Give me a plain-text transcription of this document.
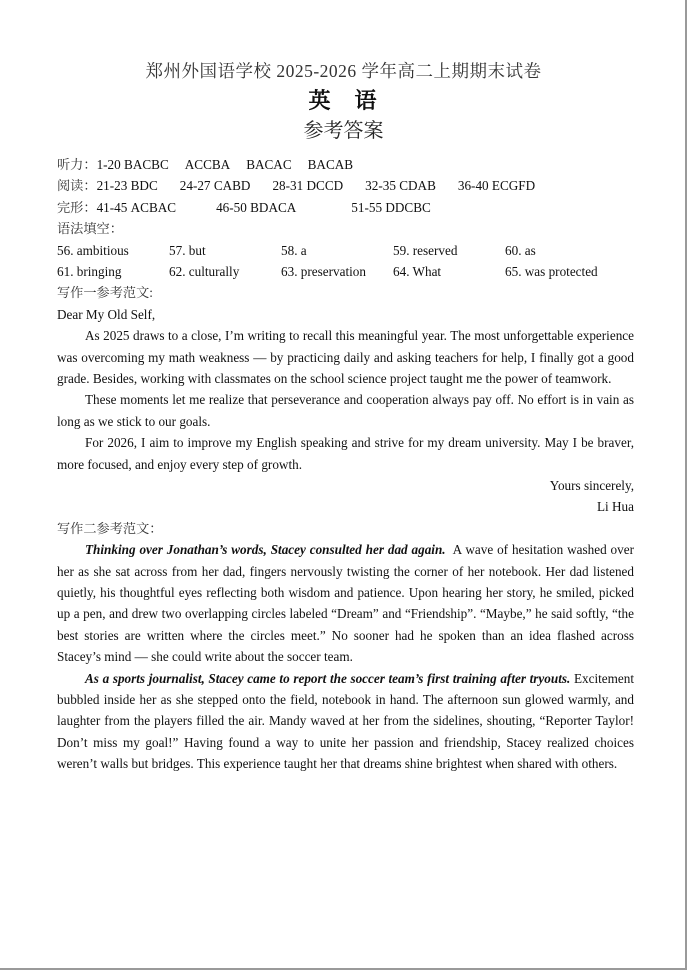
郑州外国语学校 2025-2026 学年高二上期期末试卷
英 语
参考答案
听力：1-20 BACBC ACCBA BACAC BACAB
阅读：21-23 BDC 24-27 CABD 28-31 DCCD 32-35 CDAB 36-40 ECGFD
完形：41-45 ACBAC	46-50 BDACA	51-55 DDCBC
语法填空：
56. ambitious	57. but	58. a	59. reserved	60. as
61. bringing	62. culturally	63. preservation	64. What	65. was protected
写作一参考范文:
Dear My Old Self,

As 2025 draws to a close, I’m writing to recall this meaningful year. The most unforgettable experience was overcoming my math weakness — by practicing daily and asking teachers for help, I finally got a good grade. Besides, working with classmates on the school science project taught me the power of teamwork.

These moments let me realize that perseverance and cooperation always pay off. No effort is in vain as long as we stick to our goals.

For 2026, I aim to improve my English speaking and strive for my dream university. May I be braver, more focused, and enjoy every step of growth.

Yours sincerely,
Li Hua
写作二参考范文：

Thinking over Jonathan’s words, Stacey consulted her dad again. A wave of hesitation washed over her as she sat across from her dad, fingers nervously twisting the corner of her notebook. Her dad listened quietly, his thoughtful eyes reflecting both wisdom and patience. Upon hearing her story, he smiled, picked up a pen, and drew two overlapping circles labeled “Dream” and “Friendship”. “Maybe,” he said softly, “the best stories are written where the circles meet.” No sooner had he spoken than an idea flashed across Stacey’s mind — she could write about the soccer team.

As a sports journalist, Stacey came to report the soccer team’s first training after tryouts. Excitement bubbled inside her as she stepped onto the field, notebook in hand. The afternoon sun glowed warmly, and laughter from the players filled the air. Mandy waved at her from the sidelines, shouting, “Reporter Taylor! Don’t miss my goal!” Having found a way to unite her passion and friendship, Stacey realized choices weren’t walls but bridges. This experience taught her that dreams shine brightest when shared with others.
